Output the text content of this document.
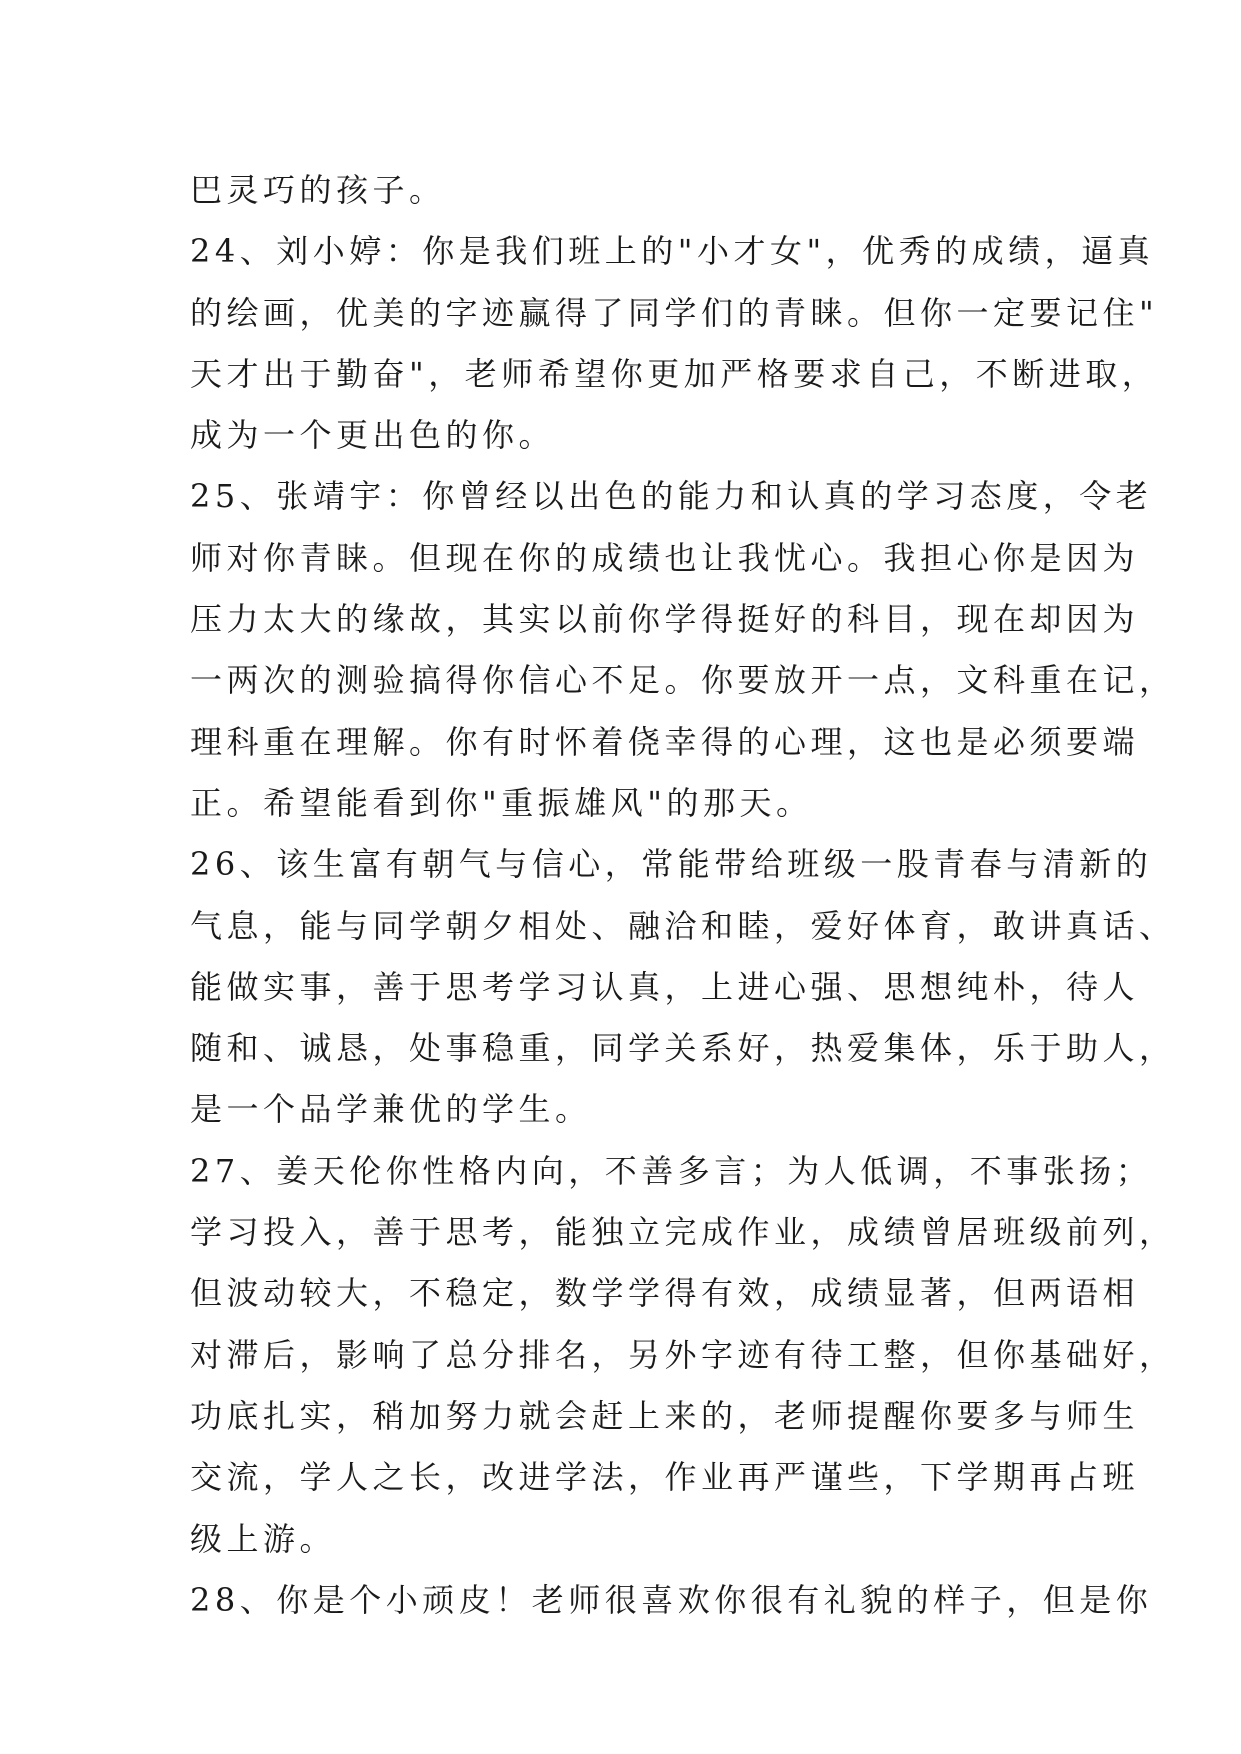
巴灵巧的孩子。
24、刘小婷：你是我们班上的"小才女"，优秀的成绩，逼真
的绘画，优美的字迹赢得了同学们的青睐。但你一定要记住"
天才出于勤奋"，老师希望你更加严格要求自己，不断进取，
成为一个更出色的你。
25、张靖宇：你曾经以出色的能力和认真的学习态度，令老
师对你青睐。但现在你的成绩也让我忧心。我担心你是因为
压力太大的缘故，其实以前你学得挺好的科目，现在却因为
一两次的测验搞得你信心不足。你要放开一点，文科重在记，
理科重在理解。你有时怀着侥幸得的心理，这也是必须要端
正。希望能看到你"重振雄风"的那天。
26、该生富有朝气与信心，常能带给班级一股青春与清新的
气息，能与同学朝夕相处、融洽和睦，爱好体育，敢讲真话、
能做实事，善于思考学习认真，上进心强、思想纯朴，待人
随和、诚恳，处事稳重，同学关系好，热爱集体，乐于助人，
是一个品学兼优的学生。
27、姜天伦你性格内向，不善多言；为人低调，不事张扬；
学习投入，善于思考，能独立完成作业，成绩曾居班级前列，
但波动较大，不稳定，数学学得有效，成绩显著，但两语相
对滞后，影响了总分排名，另外字迹有待工整，但你基础好，
功底扎实，稍加努力就会赶上来的，老师提醒你要多与师生
交流，学人之长，改进学法，作业再严谨些，下学期再占班
级上游。
28、你是个小顽皮！老师很喜欢你很有礼貌的样子，但是你
